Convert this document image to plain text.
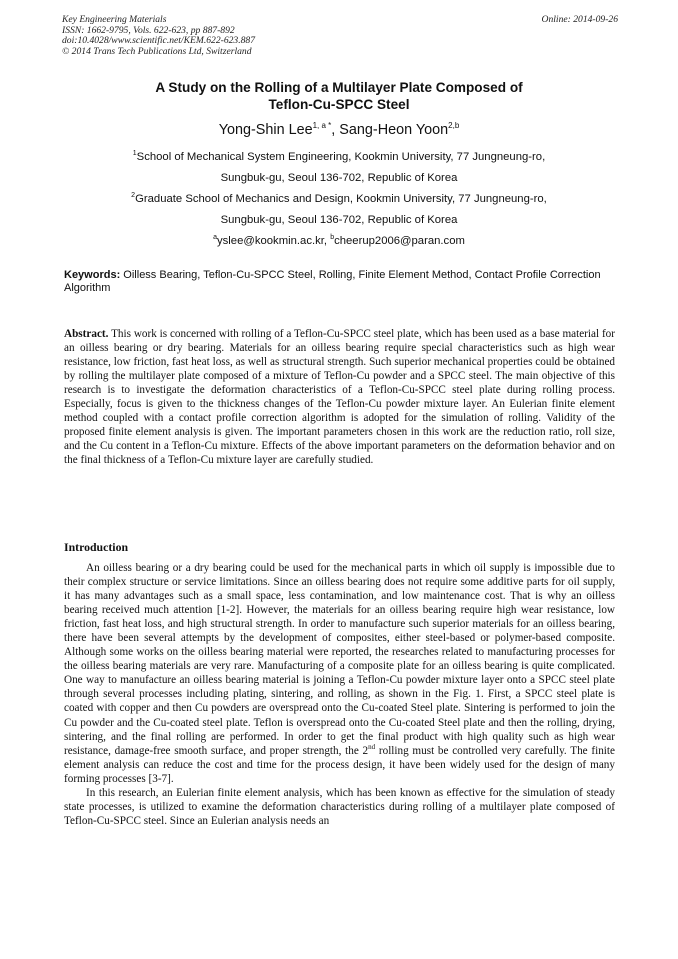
Key Engineering Materials
ISSN: 1662-9795, Vols. 622-623, pp 887-892
doi:10.4028/www.scientific.net/KEM.622-623.887
© 2014 Trans Tech Publications Ltd, Switzerland
Online: 2014-09-26
A Study on the Rolling of a Multilayer Plate Composed of
Teflon-Cu-SPCC Steel
Yong-Shin Lee$^{1, a *}$, Sang-Heon Yoon$^{2,b}$
$^1$School of Mechanical System Engineering, Kookmin University, 77 Jungneung-ro,
Sungbuk-gu, Seoul 136-702, Republic of Korea
$^2$Graduate School of Mechanics and Design, Kookmin University, 77 Jungneung-ro,
Sungbuk-gu, Seoul 136-702, Republic of Korea
$^a$yslee@kookmin.ac.kr, $^b$cheerup2006@paran.com
Keywords: Oilless Bearing, Teflon-Cu-SPCC Steel, Rolling, Finite Element Method, Contact Profile Correction Algorithm
Abstract. This work is concerned with rolling of a Teflon-Cu-SPCC steel plate, which has been used as a base material for an oilless bearing or dry bearing. Materials for an oilless bearing require special characteristics such as high wear resistance, low friction, fast heat loss, as well as structural strength. Such superior mechanical properties could be obtained by rolling the multilayer plate composed of a mixture of Teflon-Cu powder and a SPCC steel. The main objective of this research is to investigate the deformation characteristics of a Teflon-Cu-SPCC steel plate during rolling process. Especially, focus is given to the thickness changes of the Teflon-Cu powder mixture layer. An Eulerian finite element method coupled with a contact profile correction algorithm is adopted for the simulation of rolling. Validity of the proposed finite element analysis is given. The important parameters chosen in this work are the reduction ratio, roll size, and the Cu content in a Teflon-Cu mixture. Effects of the above important parameters on the deformation behavior and on the final thickness of a Teflon-Cu mixture layer are carefully studied.
Introduction

An oilless bearing or a dry bearing could be used for the mechanical parts in which oil supply is impossible due to their complex structure or service limitations. Since an oilless bearing does not require some additive parts for oil supply, it has many advantages such as a small space, less contamination, and low maintenance cost. That is why an oilless bearing received much attention [1-2]. However, the materials for an oilless bearing require high wear resistance, low friction, fast heat loss, and high structural strength. In order to manufacture such superior materials for an oilless bearing, there have been several attempts by the development of composites, either steel-based or polymer-based composite. Although some works on the oilless bearing material were reported, the researches related to manufacturing processes for the oilless bearing materials are very rare. Manufacturing of a composite plate for an oilless bearing is quite complicated. One way to manufacture an oilless bearing material is joining a Teflon-Cu powder mixture layer onto a SPCC steel plate through several processes including plating, sintering, and rolling, as shown in the Fig. 1. First, a SPCC steel plate is coated with copper and then Cu powders are overspread onto the Cu-coated Steel plate. Sintering is performed to join the Cu powder and the Cu-coated steel plate. Teflon is overspread onto the Cu-coated Steel plate and then the rolling, drying, sintering, and the final rolling are performed. In order to get the final product with high quality such as high wear resistance, damage-free smooth surface, and proper strength, the 2nd rolling must be controlled very carefully. The finite element analysis can reduce the cost and time for the process design, it have been widely used for the design of many forming processes [3-7].

In this research, an Eulerian finite element analysis, which has been known as effective for the simulation of steady state processes, is utilized to examine the deformation characteristics during rolling of a multilayer plate composed of Teflon-Cu-SPCC steel. Since an Eulerian analysis needs an
